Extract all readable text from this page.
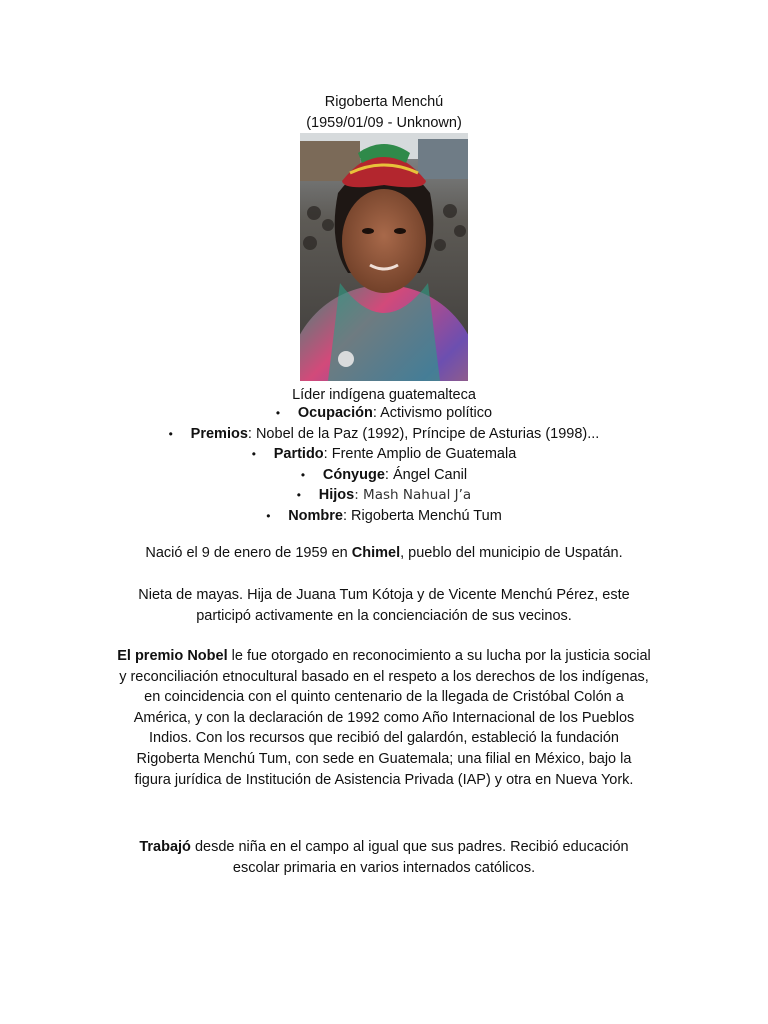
Rigoberta Menchú
(1959/01/09 - Unknown)
Líder indígena guatemalteca
• Ocupación: Activismo político
• Premios: Nobel de la Paz (1992), Príncipe de Asturias (1998)...
• Partido: Frente Amplio de Guatemala
• Cónyuge: Ángel Canil
• Hijos: Mash Nahual J’a
• Nombre: Rigoberta Menchú Tum
Nació el 9 de enero de 1959 en Chimel, pueblo del municipio de Uspatán.
Nieta de mayas. Hija de Juana Tum Kótoja y de Vicente Menchú Pérez, este
participó activamente en la concienciación de sus vecinos.
El premio Nobel le fue otorgado en reconocimiento a su lucha por la justicia social
y reconciliación etnocultural basado en el respeto a los derechos de los indígenas,
en coincidencia con el quinto centenario de la llegada de Cristóbal Colón a
América, y con la declaración de 1992 como Año Internacional de los Pueblos
Indios. Con los recursos que recibió del galardón, estableció la fundación
Rigoberta Menchú Tum, con sede en Guatemala; una filial en México, bajo la
figura jurídica de Institución de Asistencia Privada (IAP) y otra en Nueva York.
Trabajó desde niña en el campo al igual que sus padres. Recibió educación
escolar primaria en varios internados católicos.
